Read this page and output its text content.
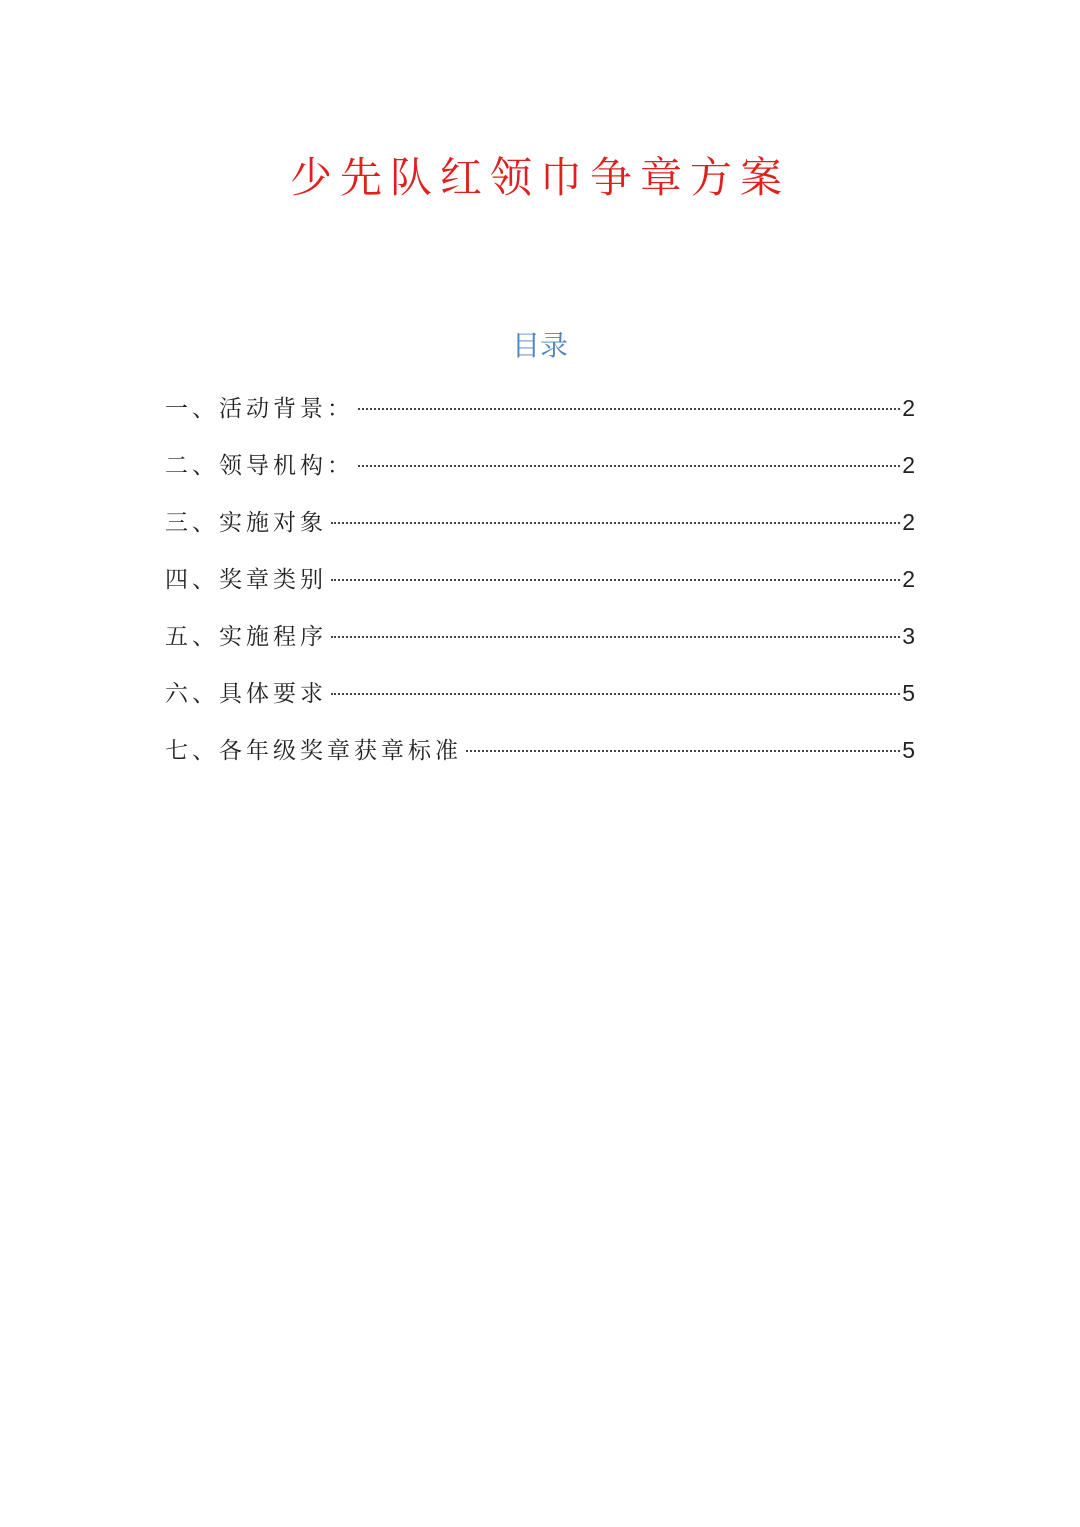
少先队红领巾争章方案
目录
一、活动背景：	2
二、领导机构：	2
三、实施对象	2
四、奖章类别	2
五、实施程序	3
六、具体要求	5
七、各年级奖章获章标准	5
